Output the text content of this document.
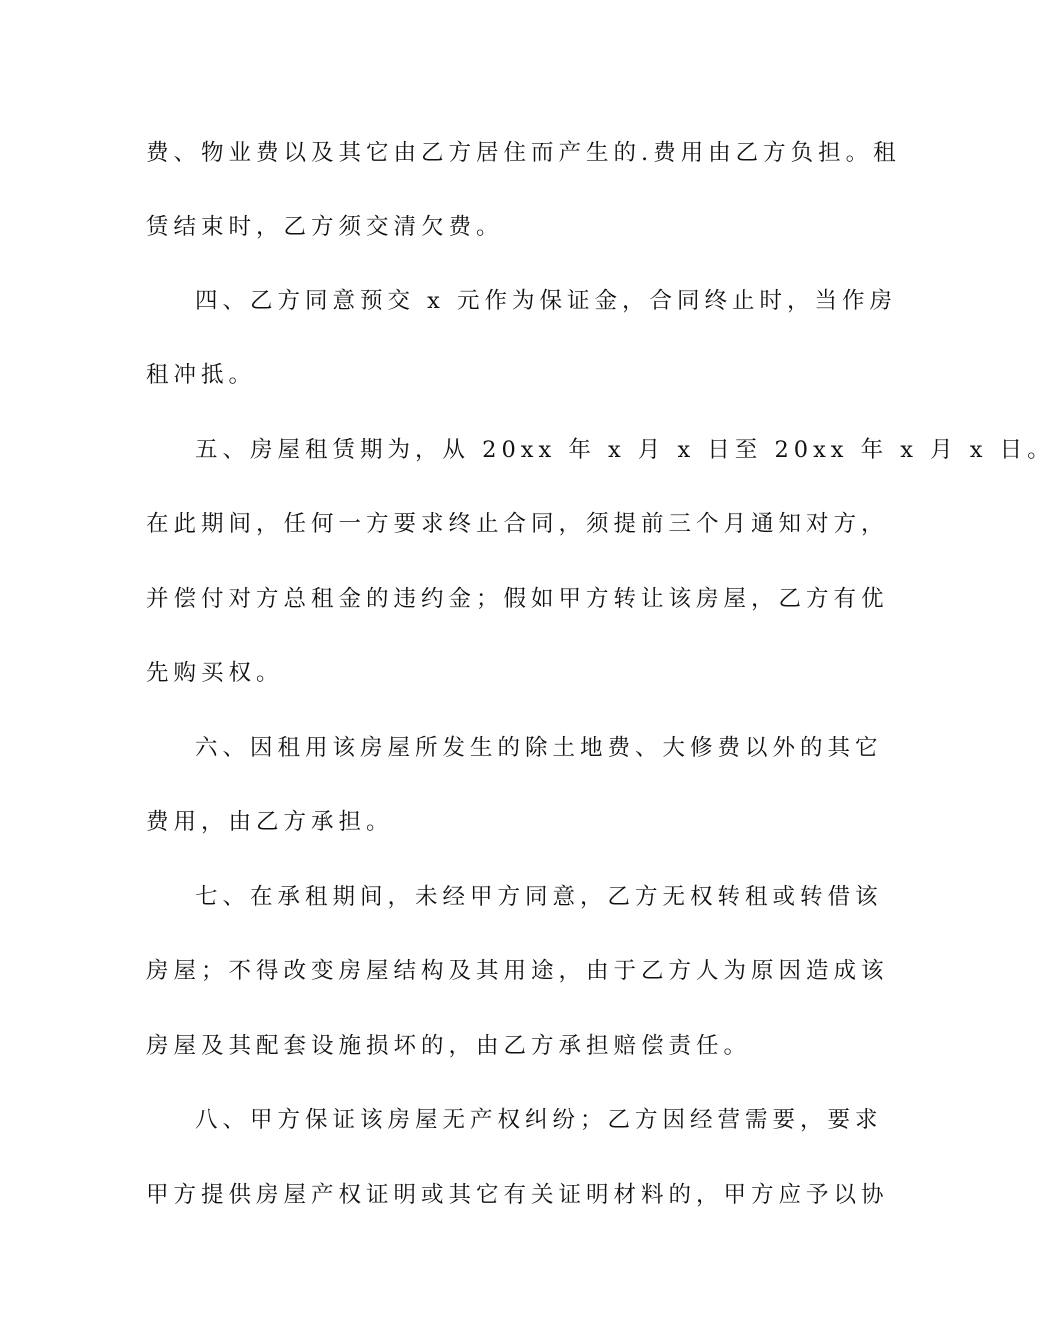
费、物业费以及其它由乙方居住而产生的.费用由乙方负担。租
赁结束时，乙方须交清欠费。
四、乙方同意预交 x 元作为保证金，合同终止时，当作房
租冲抵。
五、房屋租赁期为，从 20xx 年 x 月 x 日至 20xx 年 x 月 x 日。
在此期间，任何一方要求终止合同，须提前三个月通知对方，
并偿付对方总租金的违约金；假如甲方转让该房屋，乙方有优
先购买权。
六、因租用该房屋所发生的除土地费、大修费以外的其它
费用，由乙方承担。
七、在承租期间，未经甲方同意，乙方无权转租或转借该
房屋；不得改变房屋结构及其用途，由于乙方人为原因造成该
房屋及其配套设施损坏的，由乙方承担赔偿责任。
八、甲方保证该房屋无产权纠纷；乙方因经营需要，要求
甲方提供房屋产权证明或其它有关证明材料的，甲方应予以协
